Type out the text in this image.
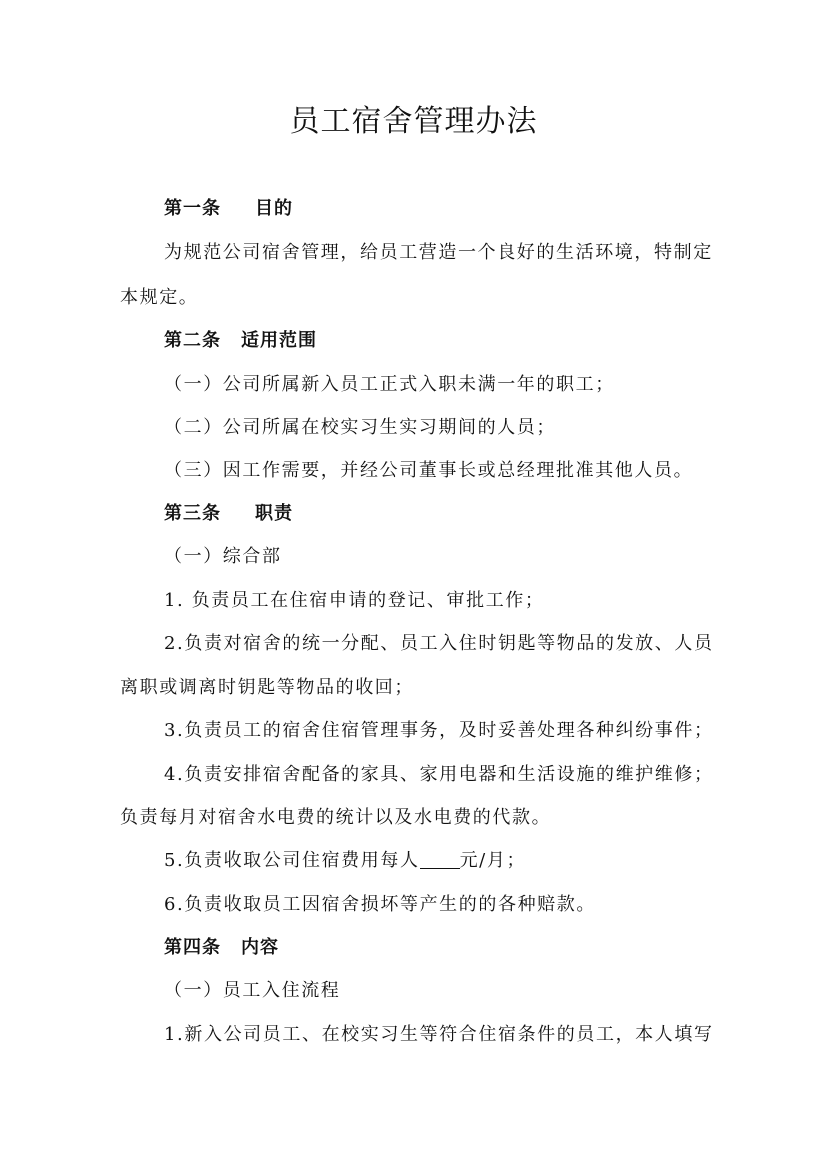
员工宿舍管理办法
第一条 目的
为规范公司宿舍管理，给员工营造一个良好的生活环境，特制定
本规定。
第二条 适用范围
（一）公司所属新入员工正式入职未满一年的职工；
（二）公司所属在校实习生实习期间的人员；
（三）因工作需要，并经公司董事长或总经理批准其他人员。
第三条 职责
（一）综合部
1. 负责员工在住宿申请的登记、审批工作；
2.负责对宿舍的统一分配、员工入住时钥匙等物品的发放、人员
离职或调离时钥匙等物品的收回；
3.负责员工的宿舍住宿管理事务，及时妥善处理各种纠纷事件；
4.负责安排宿舍配备的家具、家用电器和生活设施的维护维修；
负责每月对宿舍水电费的统计以及水电费的代款。
5.负责收取公司住宿费用每人 元/月；
6.负责收取员工因宿舍损坏等产生的的各种赔款。
第四条 内容
（一）员工入住流程
1.新入公司员工、在校实习生等符合住宿条件的员工，本人填写
